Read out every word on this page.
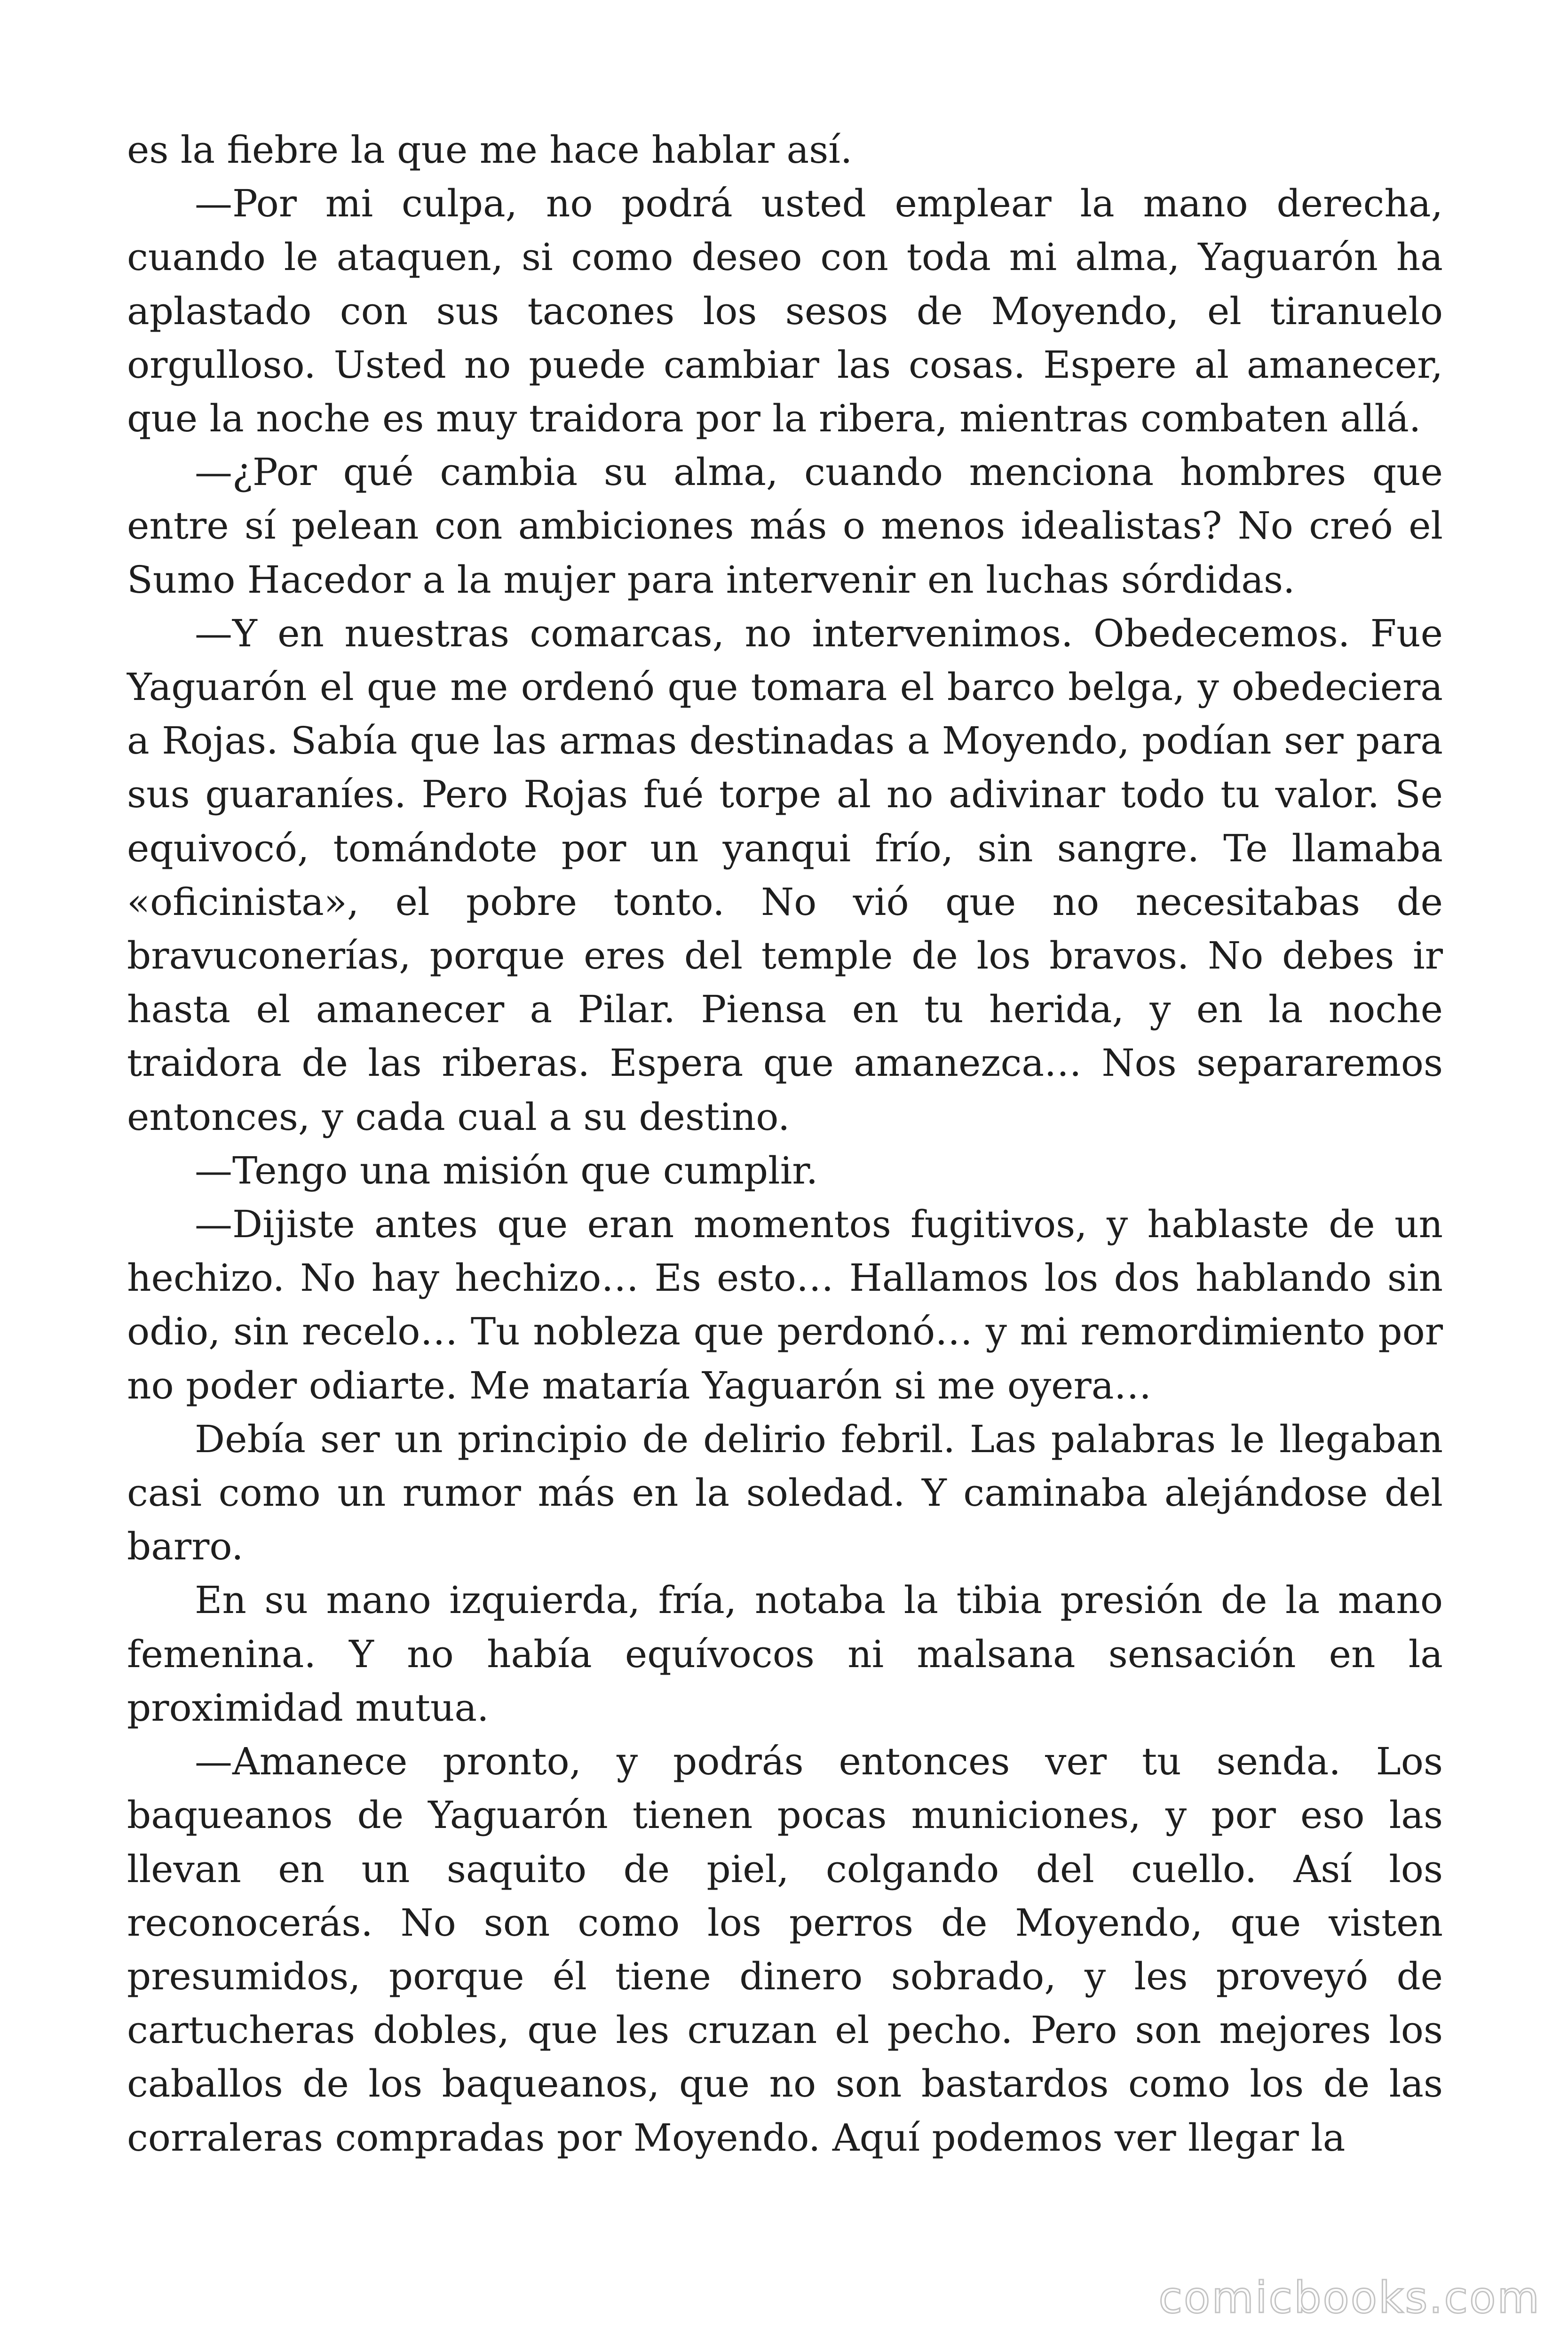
es la fiebre la que me hace hablar así.

—Por mi culpa, no podrá usted emplear la mano derecha, cuando le ataquen, si como deseo con toda mi alma, Yaguarón ha aplastado con sus tacones los sesos de Moyendo, el tiranuelo orgulloso. Usted no puede cambiar las cosas. Espere al amanecer, que la noche es muy traidora por la ribera, mientras combaten allá.

—¿Por qué cambia su alma, cuando menciona hombres que entre sí pelean con ambiciones más o menos idealistas? No creó el Sumo Hacedor a la mujer para intervenir en luchas sórdidas.

—Y en nuestras comarcas, no intervenimos. Obedecemos. Fue Yaguarón el que me ordenó que tomara el barco belga, y obedeciera a Rojas. Sabía que las armas destinadas a Moyendo, podían ser para sus guaraníes. Pero Rojas fué torpe al no adivinar todo tu valor. Se equivocó, tomándote por un yanqui frío, sin sangre. Te llamaba «oficinista», el pobre tonto. No vió que no necesitabas de bravuconerías, porque eres del temple de los bravos. No debes ir hasta el amanecer a Pilar. Piensa en tu herida, y en la noche traidora de las riberas. Espera que amanezca… Nos separaremos entonces, y cada cual a su destino.

—Tengo una misión que cumplir.

—Dijiste antes que eran momentos fugitivos, y hablaste de un hechizo. No hay hechizo… Es esto… Hallamos los dos hablando sin odio, sin recelo… Tu nobleza que perdonó… y mi remordimiento por no poder odiarte. Me mataría Yaguarón si me oyera…

Debía ser un principio de delirio febril. Las palabras le llegaban casi como un rumor más en la soledad. Y caminaba alejándose del barro.

En su mano izquierda, fría, notaba la tibia presión de la mano femenina. Y no había equívocos ni malsana sensación en la proximidad mutua.

—Amanece pronto, y podrás entonces ver tu senda. Los baqueanos de Yaguarón tienen pocas municiones, y por eso las llevan en un saquito de piel, colgando del cuello. Así los reconocerás. No son como los perros de Moyendo, que visten presumidos, porque él tiene dinero sobrado, y les proveyó de cartucheras dobles, que les cruzan el pecho. Pero son mejores los caballos de los baqueanos, que no son bastardos como los de las corraleras compradas por Moyendo. Aquí podemos ver llegar la

comicbooks.com
